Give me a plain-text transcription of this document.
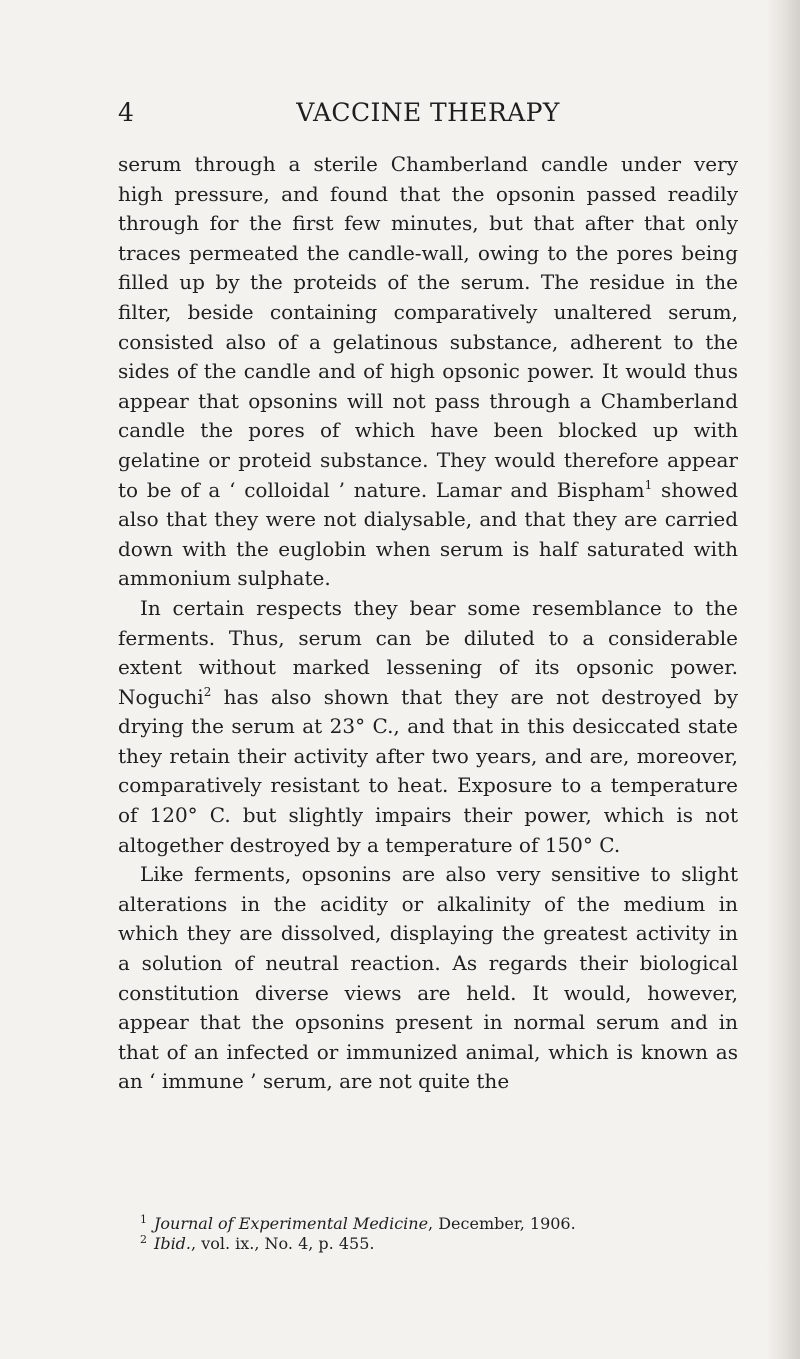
4	VACCINE THERAPY

serum through a sterile Chamberland candle under very high pressure, and found that the opsonin passed readily through for the first few minutes, but that after that only traces permeated the candle-wall, owing to the pores being filled up by the proteids of the serum. The residue in the filter, beside containing comparatively unaltered serum, consisted also of a gelatinous substance, adherent to the sides of the candle and of high opsonic power. It would thus appear that opsonins will not pass through a Chamberland candle the pores of which have been blocked up with gelatine or proteid substance. They would therefore appear to be of a ‘ colloidal ’ nature. Lamar and Bispham$^1$ showed also that they were not dialysable, and that they are carried down with the euglobin when serum is half saturated with ammonium sulphate.

In certain respects they bear some resemblance to the ferments. Thus, serum can be diluted to a considerable extent without marked lessening of its opsonic power. Noguchi$^2$ has also shown that they are not destroyed by drying the serum at 23° C., and that in this desiccated state they retain their activity after two years, and are, moreover, comparatively resistant to heat. Exposure to a temperature of 120° C. but slightly impairs their power, which is not altogether destroyed by a temperature of 150° C.

Like ferments, opsonins are also very sensitive to slight alterations in the acidity or alkalinity of the medium in which they are dissolved, displaying the greatest activity in a solution of neutral reaction. As regards their biological constitution diverse views are held. It would, however, appear that the opsonins present in normal serum and in that of an infected or immunized animal, which is known as an ‘ immune ’ serum, are not quite the

$^1$ Journal of Experimental Medicine, December, 1906.

$^2$ Ibid., vol. ix., No. 4, p. 455.
